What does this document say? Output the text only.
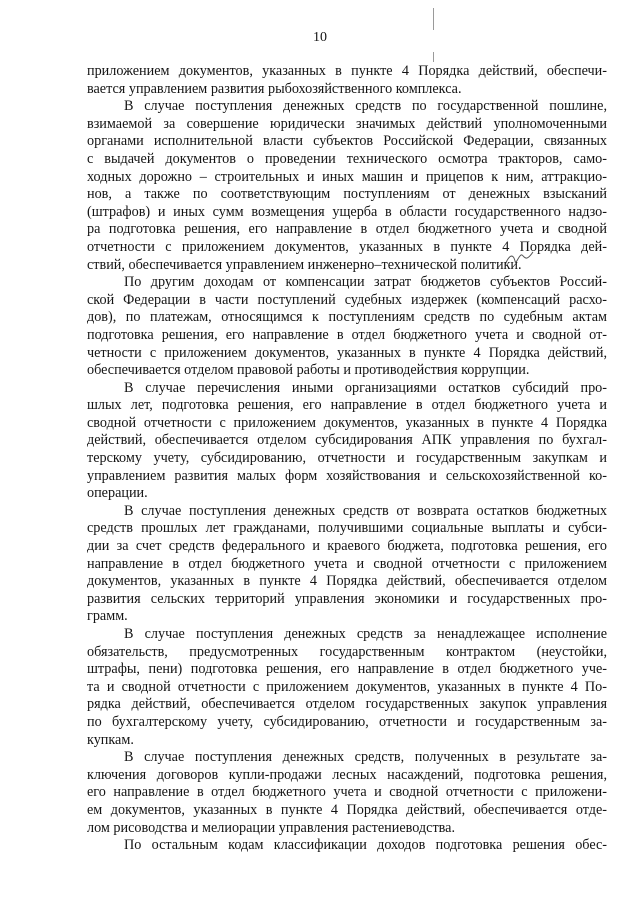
10
приложением документов, указанных в пункте 4 Порядка действий, обеспечи-
вается управлением развития рыбохозяйственного комплекса.
В случае поступления денежных средств по государственной пошлине,
взимаемой за совершение юридически значимых действий уполномоченными
органами исполнительной власти субъектов Российской Федерации, связанных
с выдачей документов о проведении технического осмотра тракторов, само-
ходных дорожно – строительных и иных машин и прицепов к ним, аттракцио-
нов, а также по соответствующим поступлениям от денежных взысканий
(штрафов) и иных сумм возмещения ущерба в области государственного надзо-
ра подготовка решения, его направление в отдел бюджетного учета и сводной
отчетности с приложением документов, указанных в пункте 4 Порядка дей-
ствий, обеспечивается управлением инженерно–технической политики.
По другим доходам от компенсации затрат бюджетов субъектов Россий-
ской Федерации в части поступлений судебных издержек (компенсаций расхо-
дов), по платежам, относящимся к поступлениям средств по судебным актам
подготовка решения, его направление в отдел бюджетного учета и сводной от-
четности с приложением документов, указанных в пункте 4 Порядка действий,
обеспечивается отделом правовой работы и противодействия коррупции.
В случае перечисления иными организациями остатков субсидий про-
шлых лет, подготовка решения, его направление в отдел бюджетного учета и
сводной отчетности с приложением документов, указанных в пункте 4 Порядка
действий, обеспечивается отделом субсидирования АПК управления по бухгал-
терскому учету, субсидированию, отчетности и государственным закупкам и
управлением развития малых форм хозяйствования и сельскохозяйственной ко-
операции.
В случае поступления денежных средств от возврата остатков бюджетных
средств прошлых лет гражданами, получившими социальные выплаты и субси-
дии за счет средств федерального и краевого бюджета, подготовка решения, его
направление в отдел бюджетного учета и сводной отчетности с приложением
документов, указанных в пункте 4 Порядка действий, обеспечивается отделом
развития сельских территорий управления экономики и государственных про-
грамм.
В случае поступления денежных средств за ненадлежащее исполнение
обязательств, предусмотренных государственным контрактом (неустойки,
штрафы, пени) подготовка решения, его направление в отдел бюджетного уче-
та и сводной отчетности с приложением документов, указанных в пункте 4 По-
рядка действий, обеспечивается отделом государственных закупок управления
по бухгалтерскому учету, субсидированию, отчетности и государственным за-
купкам.
В случае поступления денежных средств, полученных в результате за-
ключения договоров купли-продажи лесных насаждений, подготовка решения,
его направление в отдел бюджетного учета и сводной отчетности с приложени-
ем документов, указанных в пункте 4 Порядка действий, обеспечивается отде-
лом рисоводства и мелиорации управления растениеводства.
По остальным кодам классификации доходов подготовка решения обес-
